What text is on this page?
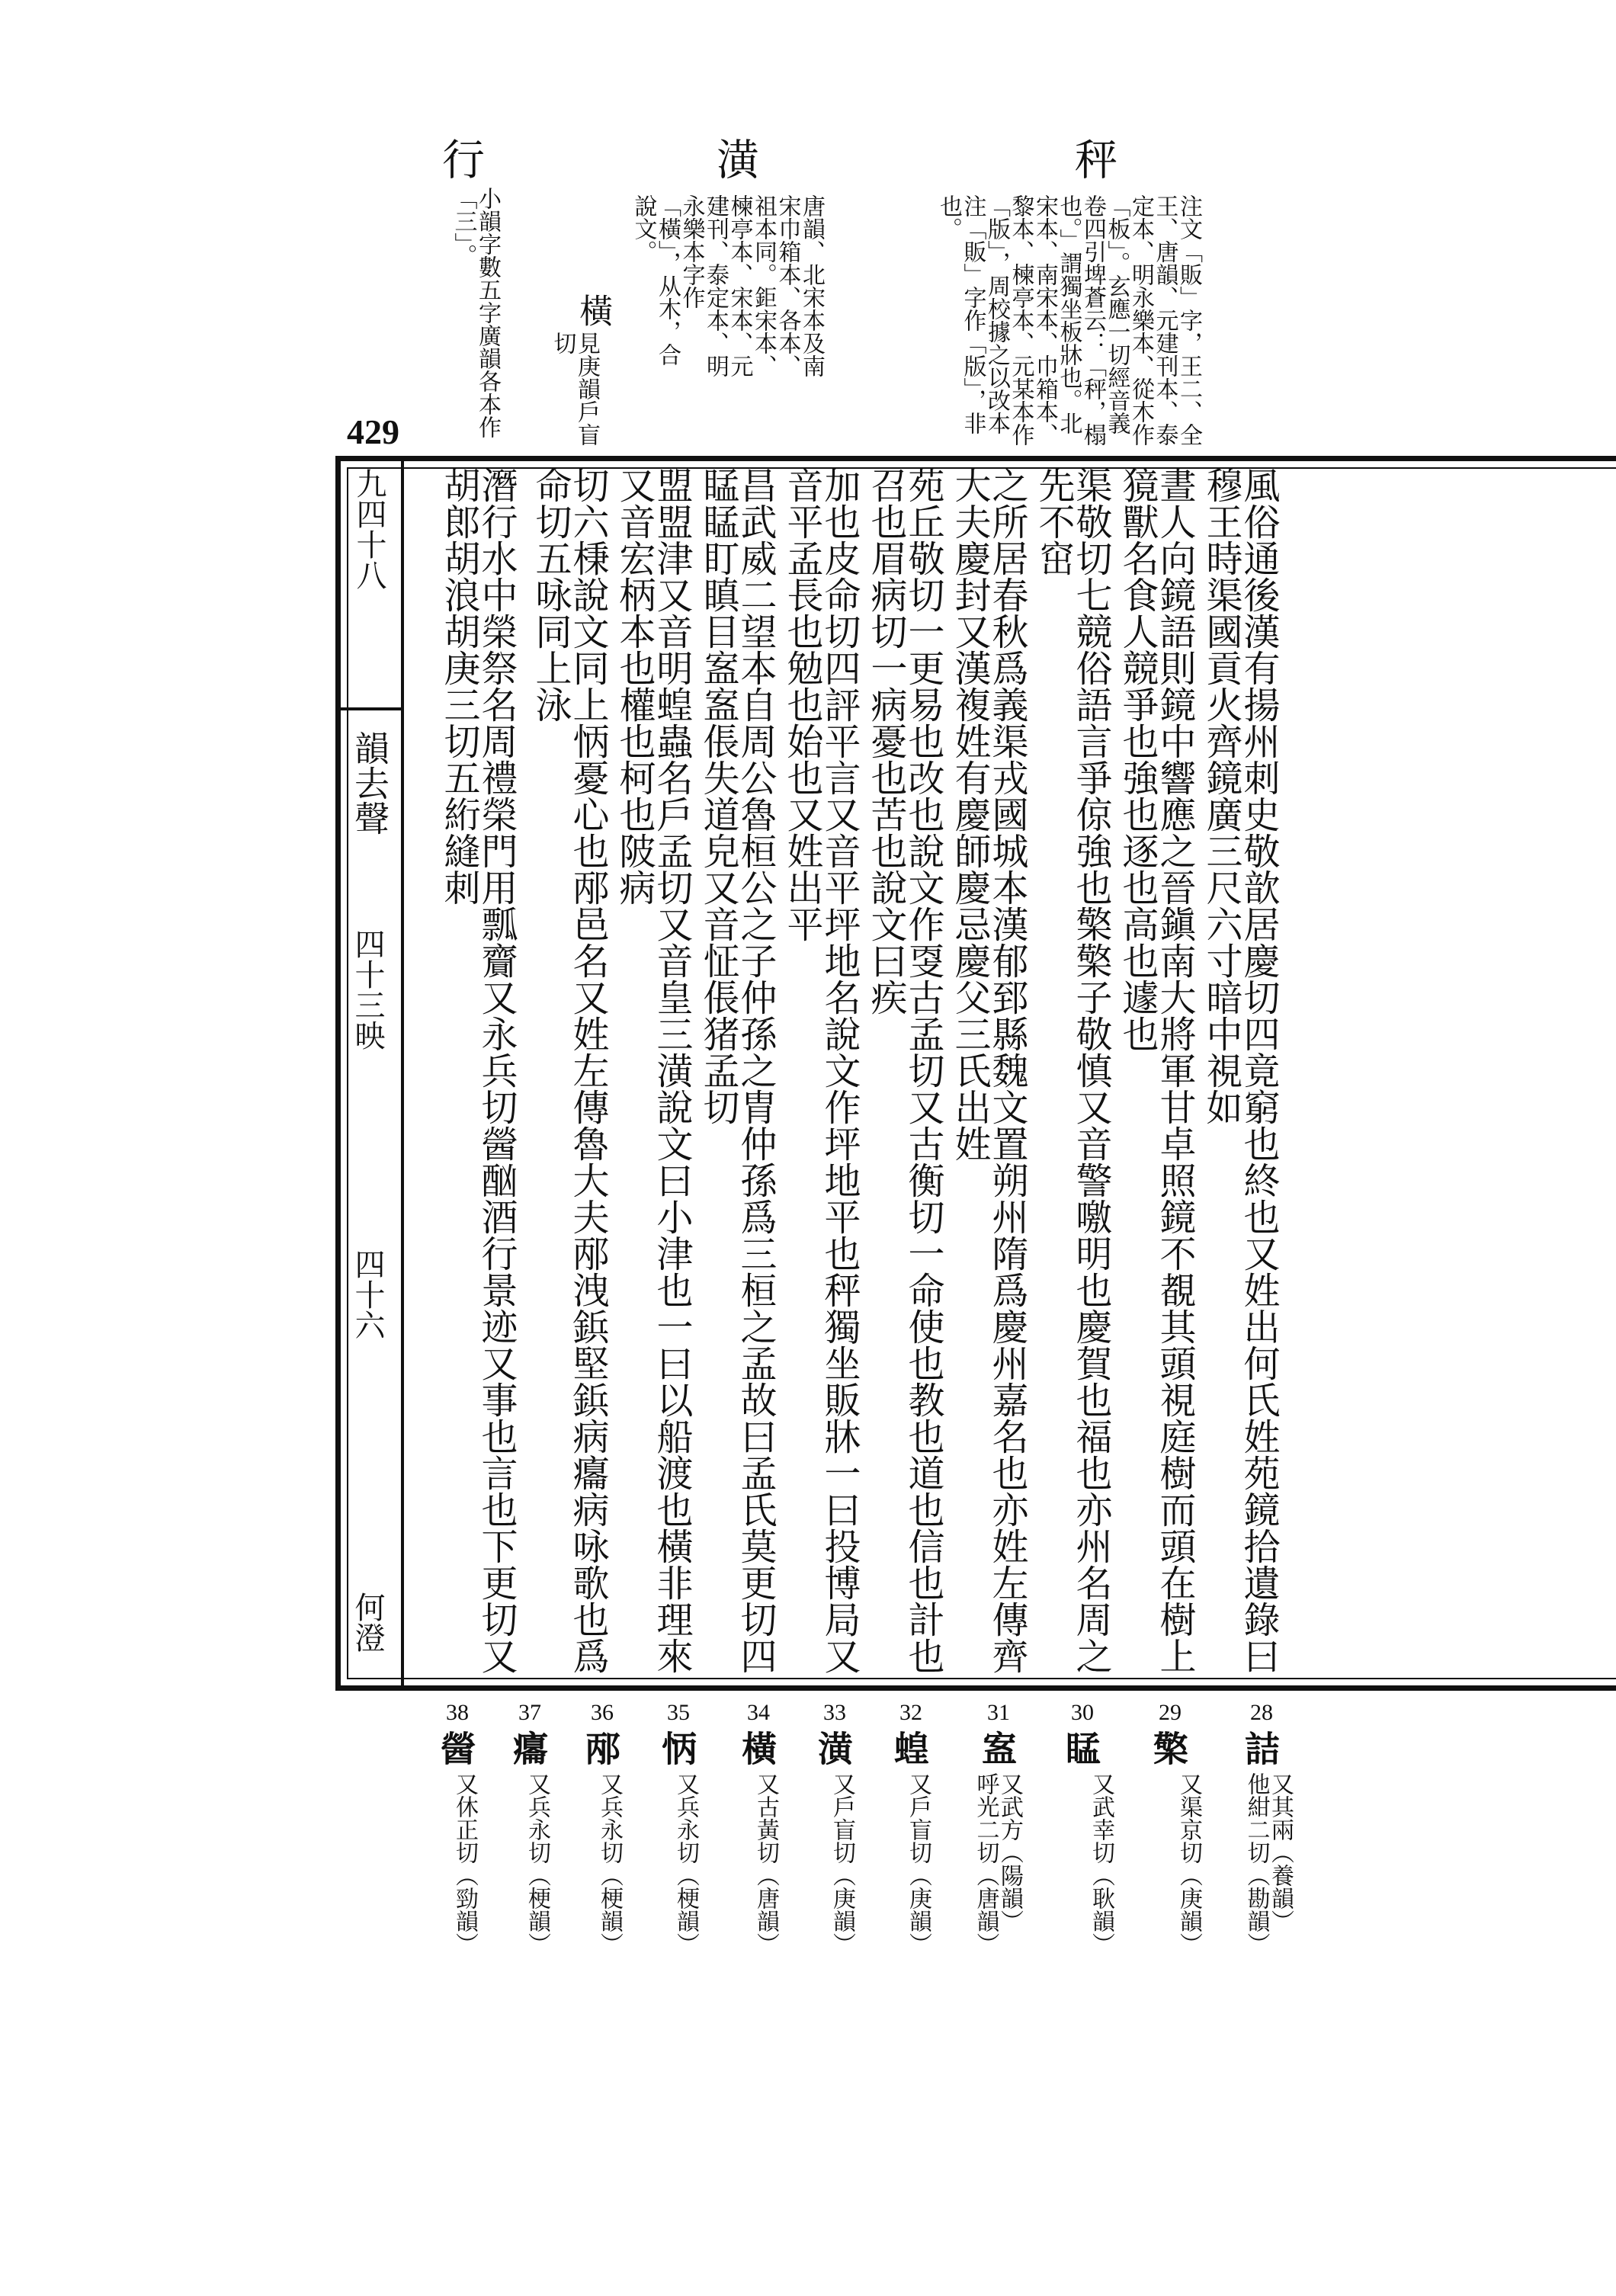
秤
注文「販」字，王二、全王、唐韻、元建刊本、泰定本、明永樂本、從木作「板」。玄應一切經音義卷四引埤蒼云：「秤，榻也。」謂獨坐板牀也。北宋本、南宋本、巾箱本、黎本、楝亭本、元某本作「版」，周校據之以改本注「販」字作「版」，非也。
潢
唐韻、北宋本及南宋巾箱本、各本、祖本同。鉅宋本、楝亭本、宋本、元建刊、泰定本、明永樂本字作「橫」，从木，合說文。
橫
見庚韻戶盲切
行
小韻字數五字廣韻各本作「三」。
429
九四十八
韻去聲
四十三映
四十六
何澄	風俗通後漢有揚州刺史敬歆居慶切四竟窮也終也又姓出何氏姓苑鏡拾遺錄曰穆王時渠國貢火齊鏡廣三尺六寸暗中視如
晝人向鏡語則鏡中響應之晉鎭南大將軍甘卓照鏡不覩其頭視庭樹而頭在樹上獍獸名食人競爭也強也逐也高也遽也
渠敬切七競俗語言爭倞強也檠檠子敬慎又音警噭明也慶賀也福也亦州名周之先不窋
之所居春秋爲義渠戎國城本漢郁郅縣魏文置朔州隋爲慶州嘉名也亦姓左傳齊大夫慶封又漢複姓有慶師慶忌慶父三氏出姓
苑丘敬切一更易也改也說文作㪅古孟切又古衡切一命使也教也道也信也計也召也眉病切一病憂也苦也說文曰疾
加也皮命切四評平言又音平坪地名說文作坪地平也秤獨坐販牀一曰投博局又音平孟長也勉也始也又姓出平
昌武威二望本自周公魯桓公之子仲孫之胄仲孫爲三桓之孟故曰孟氏莫更切四䁅䁅盯瞋目䀂䀂倀失道皃又音怔倀猪孟切
盟盟津又音明蝗蟲名戶孟切又音皇三潢說文曰小津也一曰以船渡也橫非理來又音宏柄本也權也柯也陂病
切六棅說文同上怲憂心也邴邑名又姓左傳魯大夫邴洩鋲堅鋲病癟病咏歌也爲命切五咏同上泳
潛行水中榮祭名周禮榮門用瓢齎又永兵切醟酗酒行景迹又事也言也下更切又胡郎胡浪胡庚三切五絎縫刺
28
詰
又其兩（養韻）他紺二切（勘韻）
29
檠
又渠京切（庚韻）
30
䁅
又武幸切（耿韻）
31
䀂
又武方（陽韻）呼光二切（唐韻）
32
蝗
又戶盲切（庚韻）
33
潢
又戶盲切（庚韻）
34
橫
又古黃切（唐韻）
35
怲
又兵永切（梗韻）
36
邴
又兵永切（梗韻）
37
癟
又兵永切（梗韻）
38
醟
又休正切（勁韻）
